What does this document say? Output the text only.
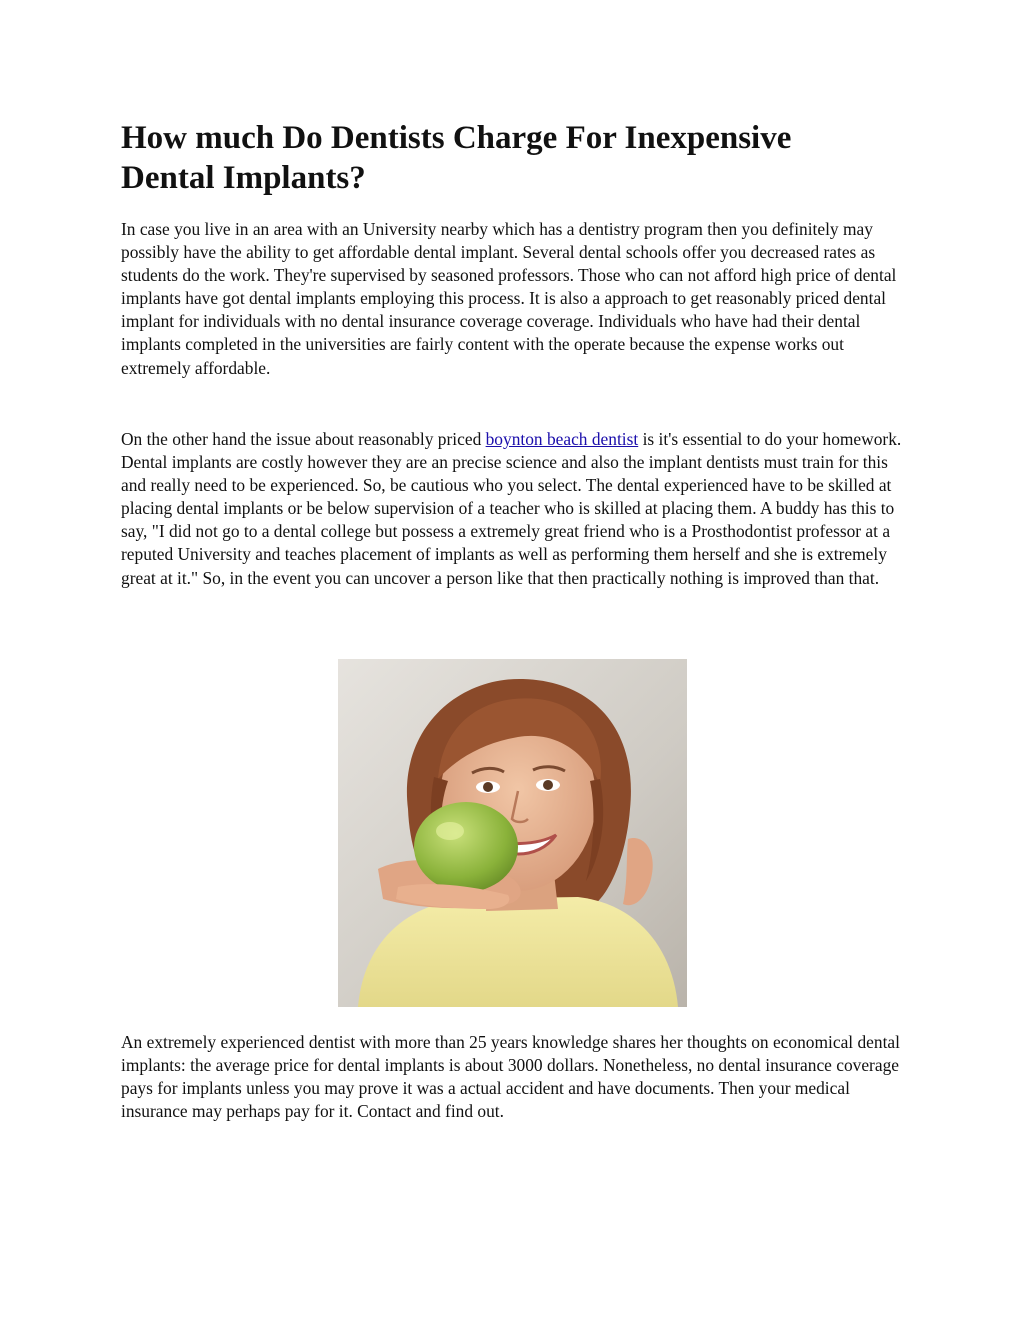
How much Do Dentists Charge For Inexpensive
Dental Implants?

In case you live in an area with an University nearby which has a dentistry program then you definitely may possibly have the ability to get affordable dental implant. Several dental schools offer you decreased rates as students do the work. They're supervised by seasoned professors. Those who can not afford high price of dental implants have got dental implants employing this process. It is also a approach to get reasonably priced dental implant for individuals with no dental insurance coverage coverage. Individuals who have had their dental implants completed in the universities are fairly content with the operate because the expense works out extremely affordable.

On the other hand the issue about reasonably priced boynton beach dentist is it's essential to do your homework. Dental implants are costly however they are an precise science and also the implant dentists must train for this and really need to be experienced. So, be cautious who you select. The dental experienced have to be skilled at placing dental implants or be below supervision of a teacher who is skilled at placing them. A buddy has this to say, "I did not go to a dental college but possess a extremely great friend who is a Prosthodontist professor at a reputed University and teaches placement of implants as well as performing them herself and she is extremely great at it." So, in the event you can uncover a person like that then practically nothing is improved than that.

An extremely experienced dentist with more than 25 years knowledge shares her thoughts on economical dental implants: the average price for dental implants is about 3000 dollars. Nonetheless, no dental insurance coverage pays for implants unless you may prove it was a actual accident and have documents. Then your medical insurance may perhaps pay for it. Contact and find out.
